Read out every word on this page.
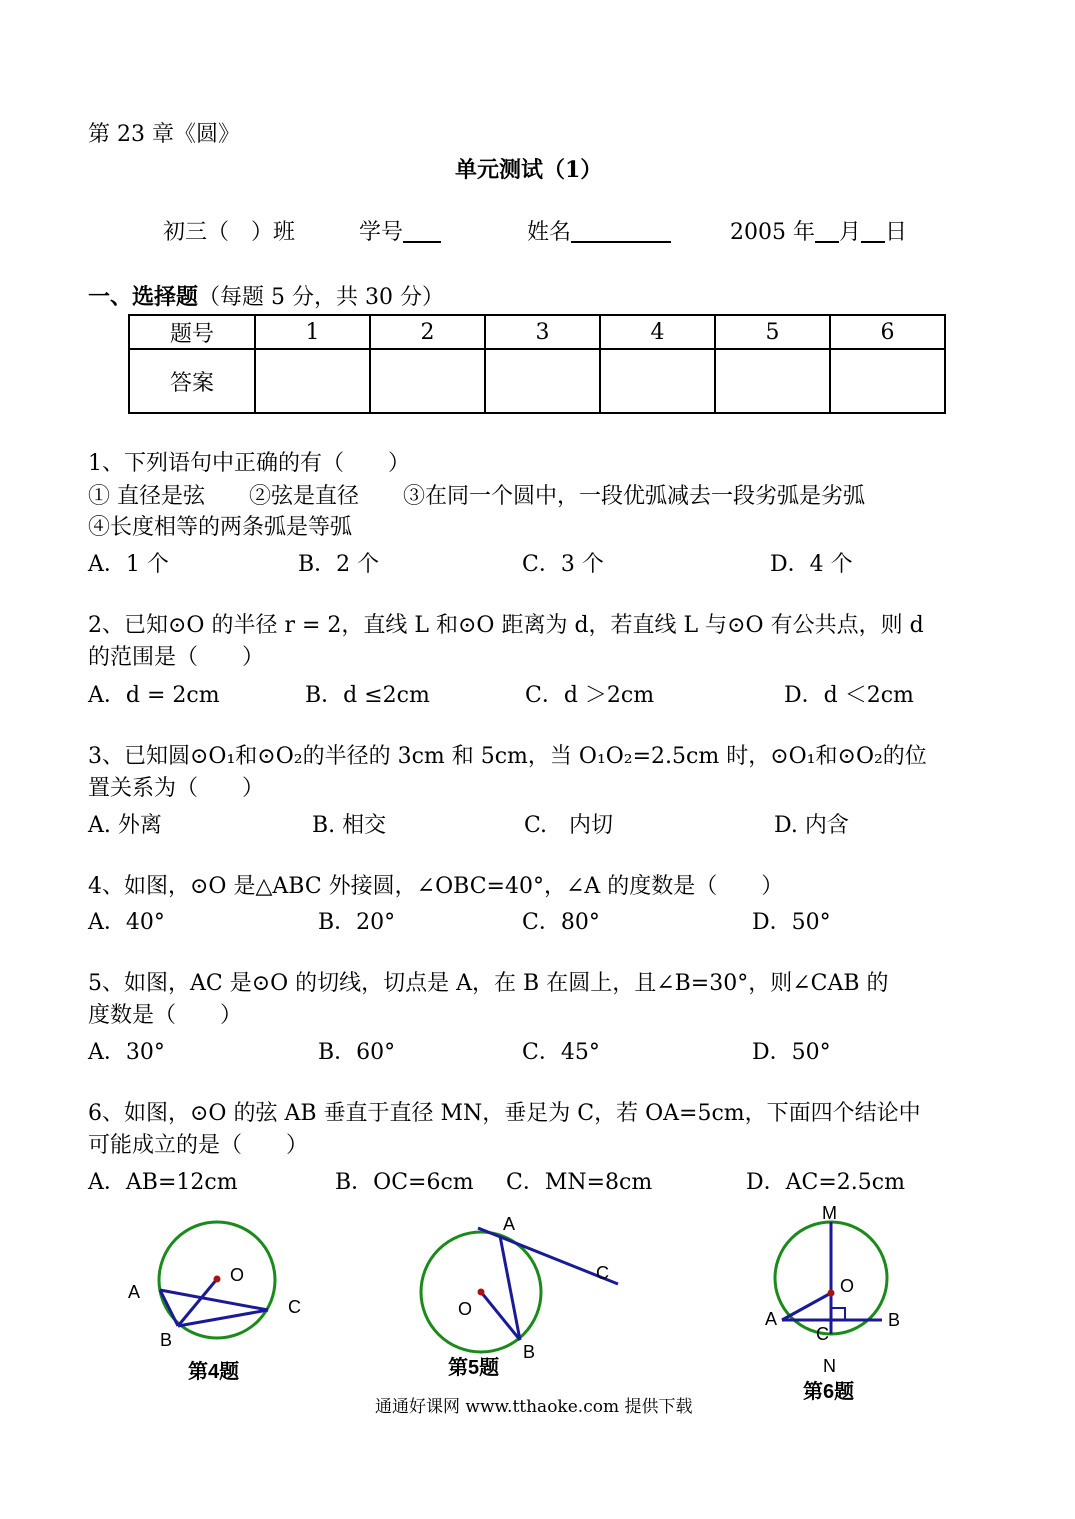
第 23 章《圆》
单元测试（1）
初三（　）班	学号	姓名	2005 年 月 日
一、选择题（每题 5 分，共 30 分）
题号	1	2	3	4	5	6
答案						
1、下列语句中正确的有（　　）
① 直径是弦　　②弦是直径　　③在同一个圆中，一段优弧减去一段劣弧是劣弧
④长度相等的两条弧是等弧
A．1 个	B．2 个	C．3 个	D．4 个
2、已知⊙O 的半径 r = 2，直线 L 和⊙O 距离为 d，若直线 L 与⊙O 有公共点，则 d
的范围是（　　）
A．d = 2cm	B．d ≤2cm	C．d ＞2cm	D．d ＜2cm
3、已知圆⊙O₁和⊙O₂的半径的 3cm 和 5cm，当 O₁O₂=2.5cm 时，⊙O₁和⊙O₂的位
置关系为（　　）
A. 外离	B. 相交	C.　内切	D. 内含
4、如图，⊙O 是△ABC 外接圆，∠OBC=40°，∠A 的度数是（　　）
A．40°	B．20°	C．80°	D．50°
5、如图，AC 是⊙O 的切线，切点是 A，在 B 在圆上，且∠B=30°，则∠CAB 的
度数是（　　）
A．30°	B．60°	C．45°	D．50°
6、如图，⊙O 的弦 AB 垂直于直径 MN，垂足为 C，若 OA=5cm，下面四个结论中
可能成立的是（　　）
A．AB=12cm	B．OC=6cm C．MN=8cm	D．AC=2.5cm
O
A
B
C
第4题
A
C
O
B
第5题
M
O
A
C
B
N
第6题
通通好课网 www.tthaoke.com 提供下载
